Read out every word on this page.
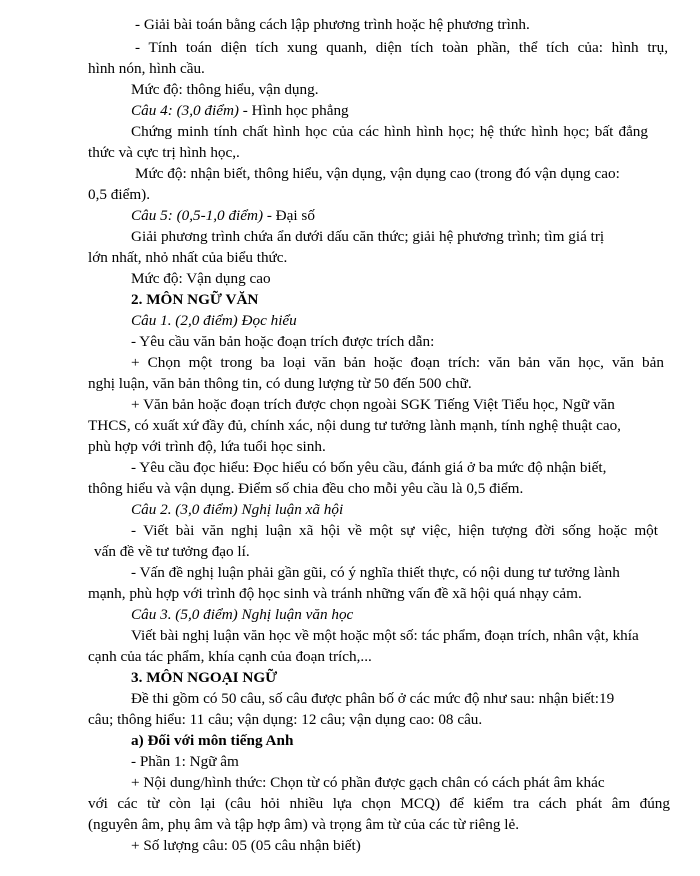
- Giải bài toán bằng cách lập phương trình hoặc hệ phương trình.
- Tính toán diện tích xung quanh, diện tích toàn phần, thể tích của: hình trụ,
hình nón, hình cầu.
Mức độ: thông hiểu, vận dụng.
Câu 4: (3,0 điểm) - Hình học phẳng
Chứng minh tính chất hình học của các hình hình học; hệ thức hình học; bất đẳng
thức và cực trị hình học,.
Mức độ: nhận biết, thông hiểu, vận dụng, vận dụng cao (trong đó vận dụng cao:
0,5 điểm).
Câu 5: (0,5-1,0 điểm) - Đại số
Giải phương trình chứa ẩn dưới dấu căn thức; giải hệ phương trình; tìm giá trị
lớn nhất, nhỏ nhất của biểu thức.
Mức độ: Vận dụng cao
2. MÔN NGỮ VĂN
Câu 1. (2,0 điểm) Đọc hiểu
- Yêu cầu văn bản hoặc đoạn trích được trích dẫn:
+ Chọn một trong ba loại văn bản hoặc đoạn trích: văn bản văn học, văn bản
nghị luận, văn bản thông tin, có dung lượng từ 50 đến 500 chữ.
+ Văn bản hoặc đoạn trích được chọn ngoài SGK Tiếng Việt Tiểu học, Ngữ văn
THCS, có xuất xứ đầy đủ, chính xác, nội dung tư tưởng lành mạnh, tính nghệ thuật cao,
phù hợp với trình độ, lứa tuổi học sinh.
- Yêu cầu đọc hiểu: Đọc hiểu có bốn yêu cầu, đánh giá ở ba mức độ nhận biết,
thông hiểu và vận dụng. Điểm số chia đều cho mỗi yêu cầu là 0,5 điểm.
Câu 2. (3,0 điểm) Nghị luận xã hội
- Viết bài văn nghị luận xã hội về một sự việc, hiện tượng đời sống hoặc một
vấn đề về tư tưởng đạo lí.
- Vấn đề nghị luận phải gần gũi, có ý nghĩa thiết thực, có nội dung tư tưởng lành
mạnh, phù hợp với trình độ học sinh và tránh những vấn đề xã hội quá nhạy cảm.
Câu 3. (5,0 điểm) Nghị luận văn học
Viết bài nghị luận văn học về một hoặc một số: tác phẩm, đoạn trích, nhân vật, khía
cạnh của tác phẩm, khía cạnh của đoạn trích,...
3. MÔN NGOẠI NGỮ
Đề thi gồm có 50 câu, số câu được phân bố ở các mức độ như sau: nhận biết:19
câu; thông hiểu: 11 câu; vận dụng: 12 câu; vận dụng cao: 08 câu.
a) Đối với môn tiếng Anh
- Phần 1: Ngữ âm
+ Nội dung/hình thức: Chọn từ có phần được gạch chân có cách phát âm khác
với các từ còn lại (câu hỏi nhiều lựa chọn MCQ) để kiểm tra cách phát âm đúng
(nguyên âm, phụ âm và tập hợp âm) và trọng âm từ của các từ riêng lẻ.
+ Số lượng câu: 05 (05 câu nhận biết)
